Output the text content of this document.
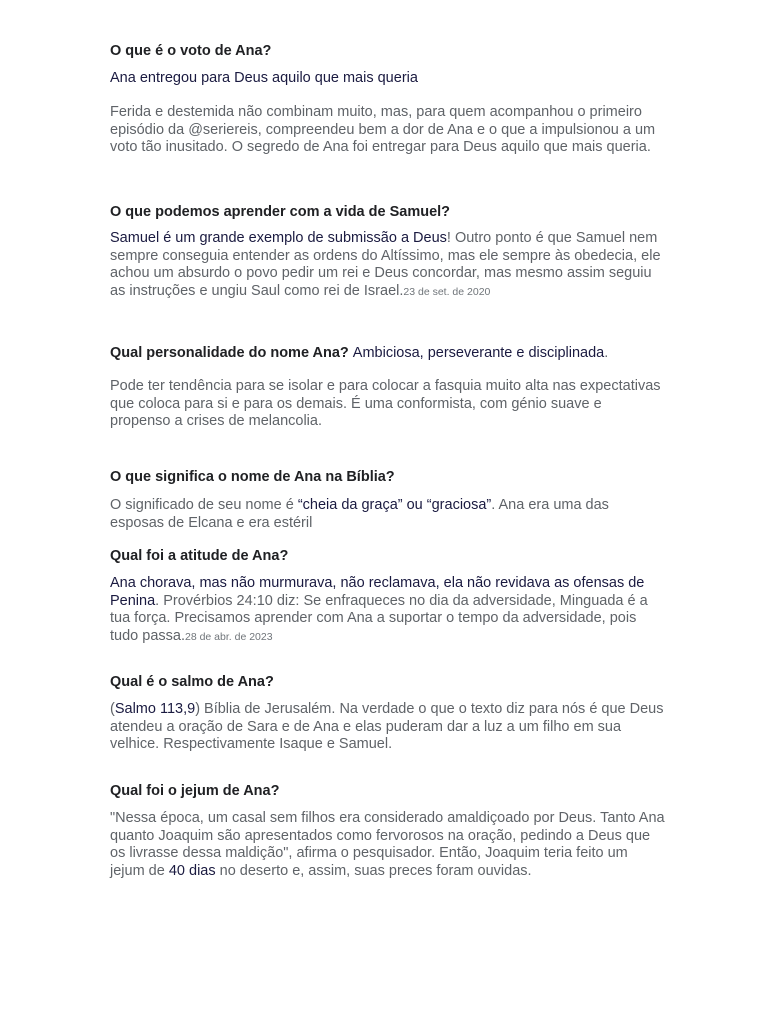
O que é o voto de Ana?
Ana entregou para Deus aquilo que mais queria
Ferida e destemida não combinam muito, mas, para quem acompanhou o primeiro episódio da @seriereis, compreendeu bem a dor de Ana e o que a impulsionou a um voto tão inusitado. O segredo de Ana foi entregar para Deus aquilo que mais queria.
O que podemos aprender com a vida de Samuel?
Samuel é um grande exemplo de submissão a Deus! Outro ponto é que Samuel nem sempre conseguia entender as ordens do Altíssimo, mas ele sempre às obedecia, ele achou um absurdo o povo pedir um rei e Deus concordar, mas mesmo assim seguiu as instruções e ungiu Saul como rei de Israel.23 de set. de 2020
Qual personalidade do nome Ana? Ambiciosa, perseverante e disciplinada.
Pode ter tendência para se isolar e para colocar a fasquia muito alta nas expectativas que coloca para si e para os demais. É uma conformista, com génio suave e propenso a crises de melancolia.
O que significa o nome de Ana na Bíblia?
O significado de seu nome é “cheia da graça” ou “graciosa”. Ana era uma das esposas de Elcana e era estéril
Qual foi a atitude de Ana?
Ana chorava, mas não murmurava, não reclamava, ela não revidava as ofensas de Penina. Provérbios 24:10 diz: Se enfraqueces no dia da adversidade, Minguada é a tua força. Precisamos aprender com Ana a suportar o tempo da adversidade, pois tudo passa.28 de abr. de 2023
Qual é o salmo de Ana?
(Salmo 113,9) Bíblia de Jerusalém. Na verdade o que o texto diz para nós é que Deus atendeu a oração de Sara e de Ana e elas puderam dar a luz a um filho em sua velhice. Respectivamente Isaque e Samuel.
Qual foi o jejum de Ana?
"Nessa época, um casal sem filhos era considerado amaldiçoado por Deus. Tanto Ana quanto Joaquim são apresentados como fervorosos na oração, pedindo a Deus que os livrasse dessa maldição", afirma o pesquisador. Então, Joaquim teria feito um jejum de 40 dias no deserto e, assim, suas preces foram ouvidas.
